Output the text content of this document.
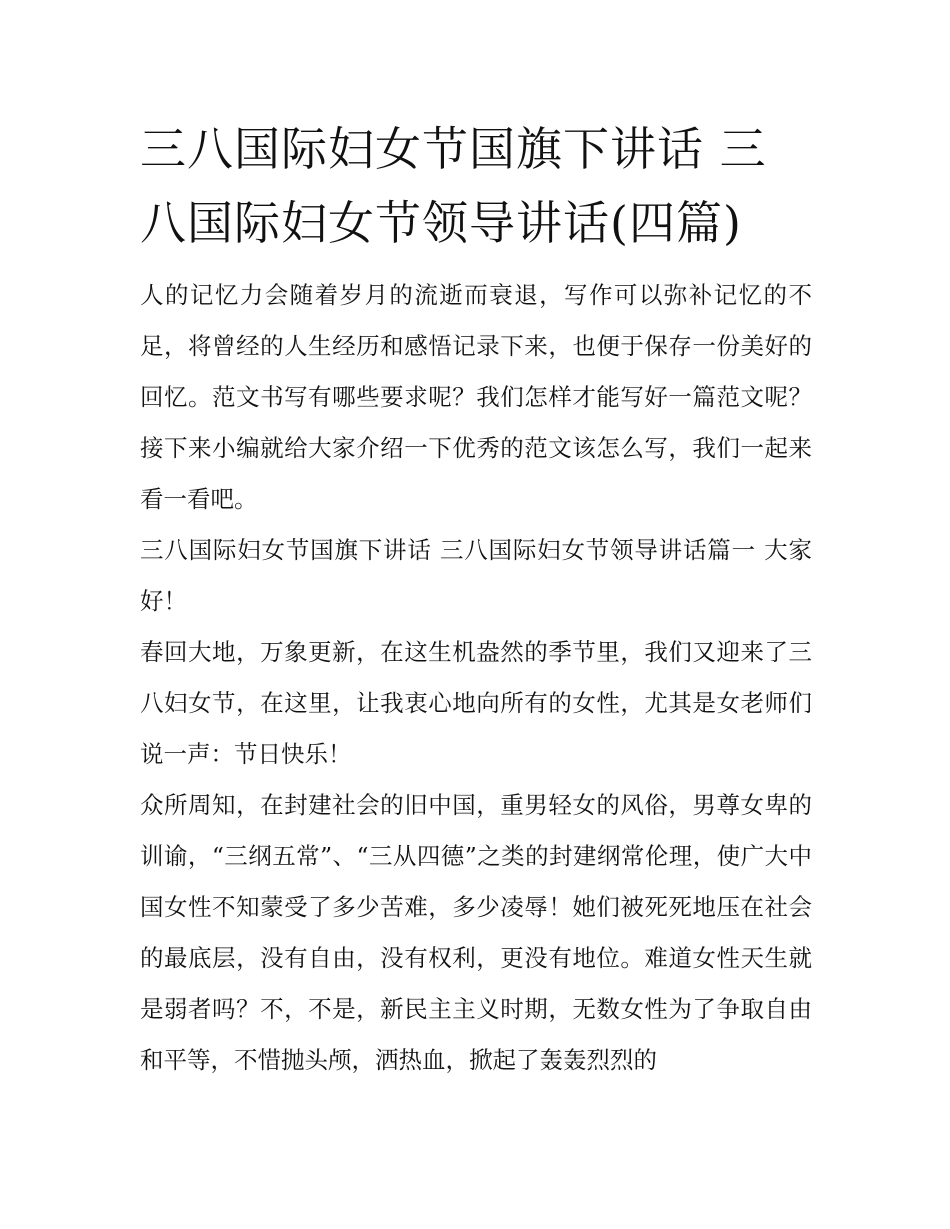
三八国际妇女节国旗下讲话 三八国际妇女节领导讲话(四篇)

人的记忆力会随着岁月的流逝而衰退，写作可以弥补记忆的不足，将曾经的人生经历和感悟记录下来，也便于保存一份美好的回忆。范文书写有哪些要求呢？我们怎样才能写好一篇范文呢？接下来小编就给大家介绍一下优秀的范文该怎么写，我们一起来看一看吧。

三八国际妇女节国旗下讲话 三八国际妇女节领导讲话篇一 大家好！

春回大地，万象更新，在这生机盎然的季节里，我们又迎来了三八妇女节，在这里，让我衷心地向所有的女性，尤其是女老师们说一声：节日快乐！

众所周知，在封建社会的旧中国，重男轻女的风俗，男尊女卑的训谕，“三纲五常”、“三从四德”之类的封建纲常伦理，使广大中国女性不知蒙受了多少苦难，多少凌辱！她们被死死地压在社会的最底层，没有自由，没有权利，更没有地位。难道女性天生就是弱者吗？不，不是，新民主主义时期，无数女性为了争取自由和平等，不惜抛头颅，洒热血，掀起了轰轰烈烈的
